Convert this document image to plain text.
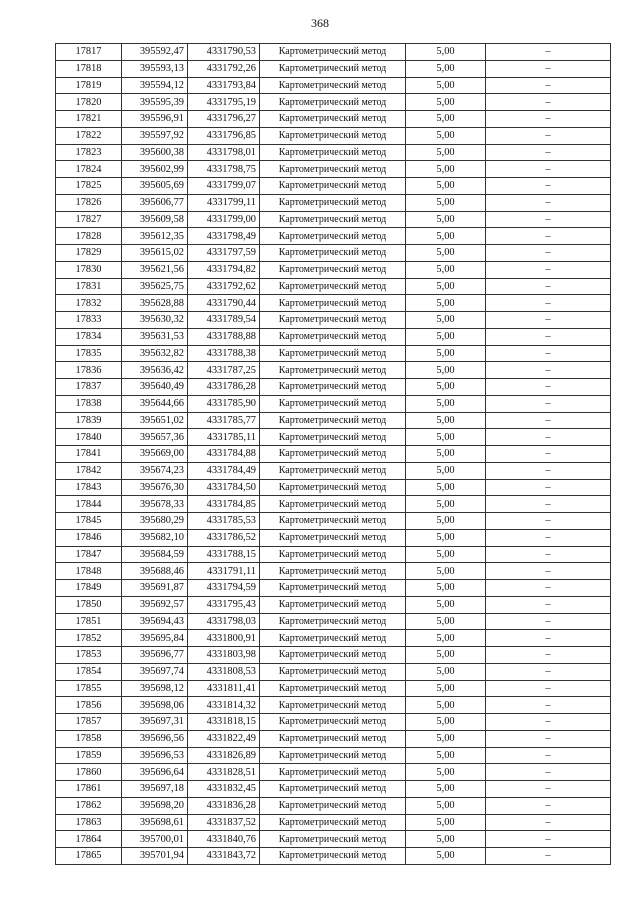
368
17817	395592,47	4331790,53	Картометрический метод	5,00	–
17818	395593,13	4331792,26	Картометрический метод	5,00	–
17819	395594,12	4331793,84	Картометрический метод	5,00	–
17820	395595,39	4331795,19	Картометрический метод	5,00	–
17821	395596,91	4331796,27	Картометрический метод	5,00	–
17822	395597,92	4331796,85	Картометрический метод	5,00	–
17823	395600,38	4331798,01	Картометрический метод	5,00	–
17824	395602,99	4331798,75	Картометрический метод	5,00	–
17825	395605,69	4331799,07	Картометрический метод	5,00	–
17826	395606,77	4331799,11	Картометрический метод	5,00	–
17827	395609,58	4331799,00	Картометрический метод	5,00	–
17828	395612,35	4331798,49	Картометрический метод	5,00	–
17829	395615,02	4331797,59	Картометрический метод	5,00	–
17830	395621,56	4331794,82	Картометрический метод	5,00	–
17831	395625,75	4331792,62	Картометрический метод	5,00	–
17832	395628,88	4331790,44	Картометрический метод	5,00	–
17833	395630,32	4331789,54	Картометрический метод	5,00	–
17834	395631,53	4331788,88	Картометрический метод	5,00	–
17835	395632,82	4331788,38	Картометрический метод	5,00	–
17836	395636,42	4331787,25	Картометрический метод	5,00	–
17837	395640,49	4331786,28	Картометрический метод	5,00	–
17838	395644,66	4331785,90	Картометрический метод	5,00	–
17839	395651,02	4331785,77	Картометрический метод	5,00	–
17840	395657,36	4331785,11	Картометрический метод	5,00	–
17841	395669,00	4331784,88	Картометрический метод	5,00	–
17842	395674,23	4331784,49	Картометрический метод	5,00	–
17843	395676,30	4331784,50	Картометрический метод	5,00	–
17844	395678,33	4331784,85	Картометрический метод	5,00	–
17845	395680,29	4331785,53	Картометрический метод	5,00	–
17846	395682,10	4331786,52	Картометрический метод	5,00	–
17847	395684,59	4331788,15	Картометрический метод	5,00	–
17848	395688,46	4331791,11	Картометрический метод	5,00	–
17849	395691,87	4331794,59	Картометрический метод	5,00	–
17850	395692,57	4331795,43	Картометрический метод	5,00	–
17851	395694,43	4331798,03	Картометрический метод	5,00	–
17852	395695,84	4331800,91	Картометрический метод	5,00	–
17853	395696,77	4331803,98	Картометрический метод	5,00	–
17854	395697,74	4331808,53	Картометрический метод	5,00	–
17855	395698,12	4331811,41	Картометрический метод	5,00	–
17856	395698,06	4331814,32	Картометрический метод	5,00	–
17857	395697,31	4331818,15	Картометрический метод	5,00	–
17858	395696,56	4331822,49	Картометрический метод	5,00	–
17859	395696,53	4331826,89	Картометрический метод	5,00	–
17860	395696,64	4331828,51	Картометрический метод	5,00	–
17861	395697,18	4331832,45	Картометрический метод	5,00	–
17862	395698,20	4331836,28	Картометрический метод	5,00	–
17863	395698,61	4331837,52	Картометрический метод	5,00	–
17864	395700,01	4331840,76	Картометрический метод	5,00	–
17865	395701,94	4331843,72	Картометрический метод	5,00	–
